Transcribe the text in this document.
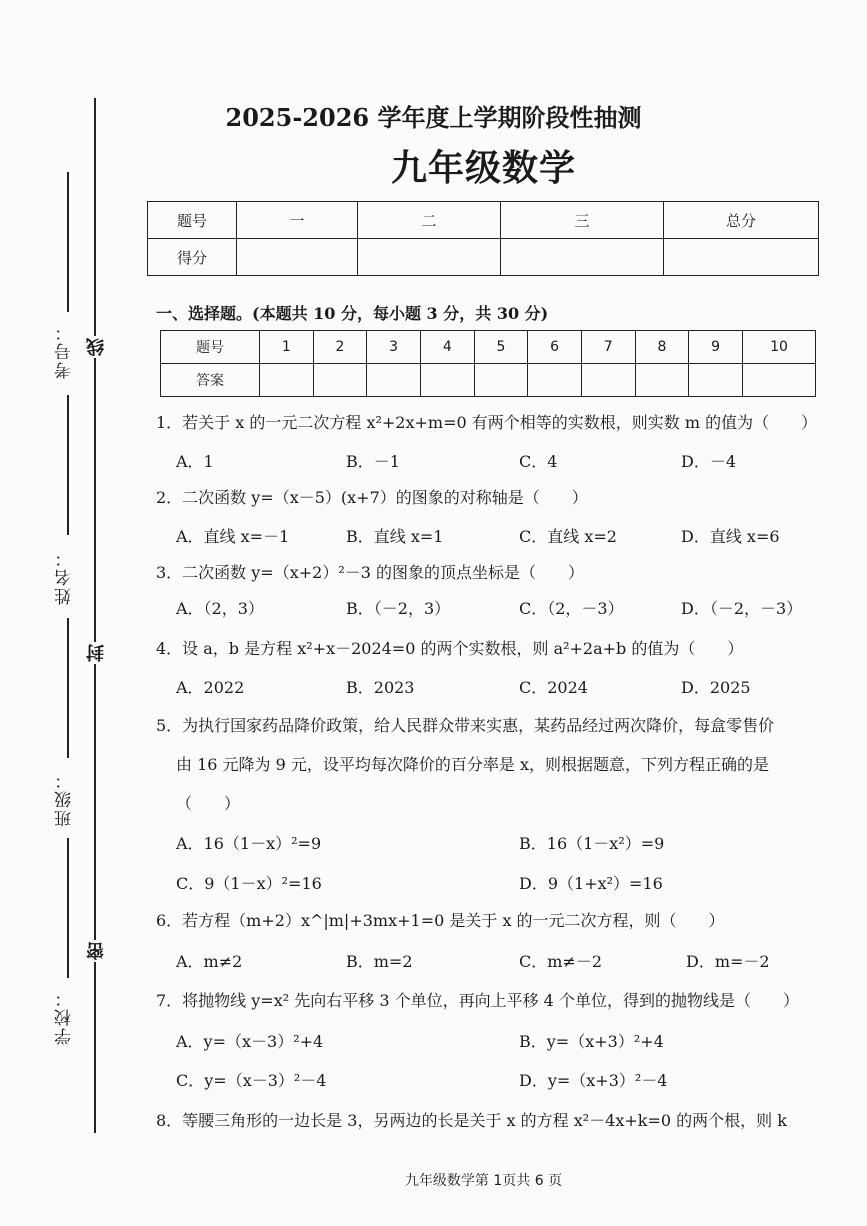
考号：
姓名：
班级：
学校：
线
封
密
2025-2026 学年度上学期阶段性抽测
九年级数学
题号	一	二	三	总分
得分				
一、选择题。(本题共 10 分，每小题 3 分，共 30 分)
题号	1	2	3	4	5	6	7	8	9	10
答案										
1．若关于 x 的一元二次方程 x²+2x+m=0 有两个相等的实数根，则实数 m 的值为（　　）
A．1	B．－1	C．4	D．－4
2．二次函数 y=（x－5）(x+7）的图象的对称轴是（　　）
A．直线 x=－1	B．直线 x=1	C．直线 x=2	D．直线 x=6
3．二次函数 y=（x+2）²－3 的图象的顶点坐标是（　　）
A．（2，3）	B．（－2，3）	C．（2，－3）	D．（－2，－3）
4．设 a，b 是方程 x²+x－2024=0 的两个实数根，则 a²+2a+b 的值为（　　）
A．2022	B．2023	C．2024	D．2025
5．为执行国家药品降价政策，给人民群众带来实惠，某药品经过两次降价，每盒零售价
由 16 元降为 9 元，设平均每次降价的百分率是 x，则根据题意，下列方程正确的是
（　　）
A．16（1－x）²=9	B．16（1－x²）=9
C．9（1－x）²=16	D．9（1+x²）=16
6．若方程（m+2）x^|m|+3mx+1=0 是关于 x 的一元二次方程，则（　　）
A．m≠2	B．m=2	C．m≠－2	D．m=－2
7．将抛物线 y=x² 先向右平移 3 个单位，再向上平移 4 个单位，得到的抛物线是（　　）
A．y=（x－3）²+4	B．y=（x+3）²+4
C．y=（x－3）²－4	D．y=（x+3）²－4
8．等腰三角形的一边长是 3，另两边的长是关于 x 的方程 x²－4x+k=0 的两个根，则 k
九年级数学第 1页共 6 页
